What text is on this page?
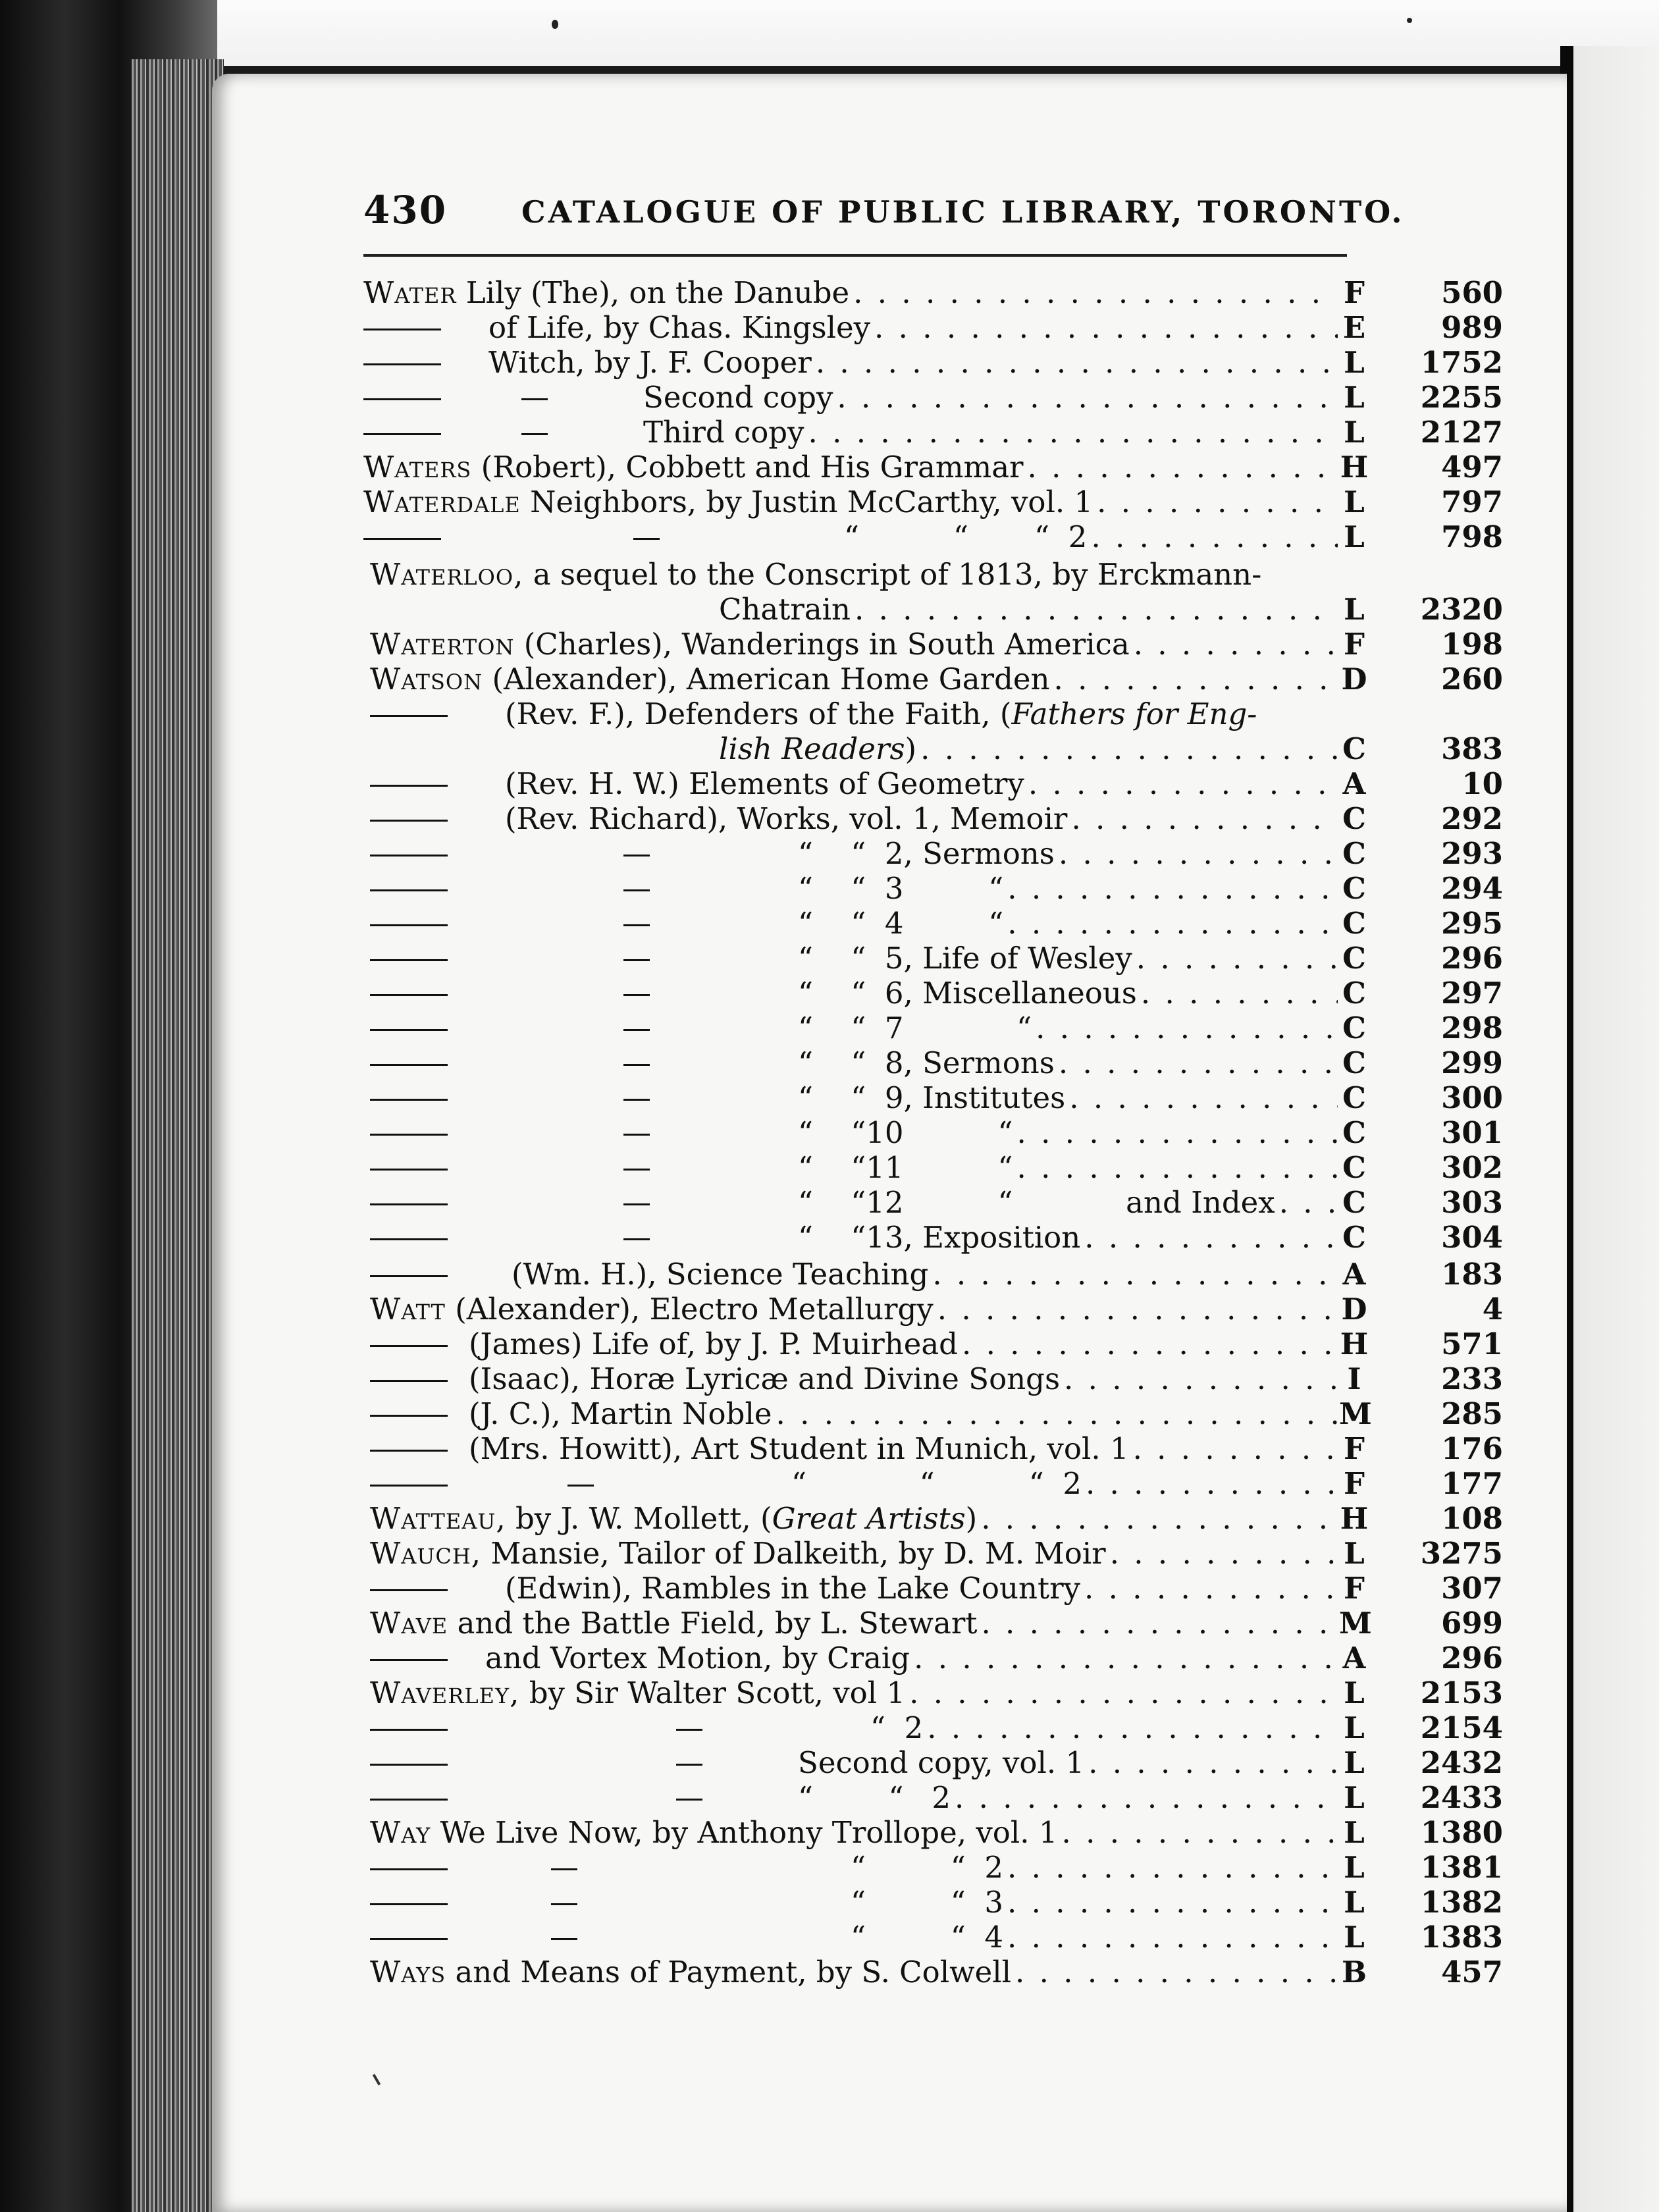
430 CATALOGUE OF PUBLIC LIBRARY, TORONTO.
Water Lily (The), on the Danube . . .	F	560
of Life, by Chas. Kingsley . . .	E	989
Witch, by J. F. Cooper . . .	L	1752
Second copy . . .	L	2255
Third copy . . .	L	2127
Waters (Robert), Cobbett and His Grammar . . .	H	497
Waterdale Neighbors, by Justin McCarthy, vol. 1 . . .	L	797
“          “       “  2 . . .	L	798
Waterloo, a sequel to the Conscript of 1813, by Erckmann-
Chatrain . . .	L	2320
Waterton (Charles), Wanderings in South America . . .	F	198
Watson (Alexander), American Home Garden . . .	D	260
(Rev. F.), Defenders of the Faith, (Fathers for Eng-
lish Readers) . . .	C	383
(Rev. H. W.) Elements of Geometry . . .	A	10
(Rev. Richard), Works, vol. 1, Memoir . . .	C	292
“    “  2, Sermons . . .	C	293
“    “  3         “ . . .	C	294
“    “  4         “ . . .	C	295
“    “  5, Life of Wesley . . .	C	296
“    “  6, Miscellaneous . . .	C	297
“    “  7            “ . . .	C	298
“    “  8, Sermons . . .	C	299
“    “  9, Institutes . . .	C	300
“    “10          “ . . .	C	301
“    “11          “ . . .	C	302
“    “12          “            and Index . . . C	303
“    “13, Exposition . . .	C	304
(Wm. H.), Science Teaching . . .	A	183
Watt (Alexander), Electro Metallurgy . . .	D	4
(James) Life of, by J. P. Muirhead . . .	H	571
(Isaac), Horæ Lyricæ and Divine Songs . . .	I	233
(J. C.), Martin Noble . . .	M	285
(Mrs. Howitt), Art Student in Munich, vol. 1 . . .	F	176
“            “          “  2 . . .	F	177
Watteau, by J. W. Mollett, (Great Artists) . . .	H	108
Wauch, Mansie, Tailor of Dalkeith, by D. M. Moir . . .	L	3275
(Edwin), Rambles in the Lake Country . . .	F	307
Wave and the Battle Field, by L. Stewart . . .	M	699
and Vortex Motion, by Craig . . .	A	296
Waverley, by Sir Walter Scott, vol 1 . . .	L	2153
“  2 . . .	L	2154
Second copy, vol. 1 . . .	L	2432
“        “   2 . . .	L	2433
Way We Live Now, by Anthony Trollope, vol. 1 . . .	L	1380
“         “  2 . . .	L	1381
“         “  3 . . .	L	1382
“         “  4 . . .	L	1383
Ways and Means of Payment, by S. Colwell . . .	B	457
